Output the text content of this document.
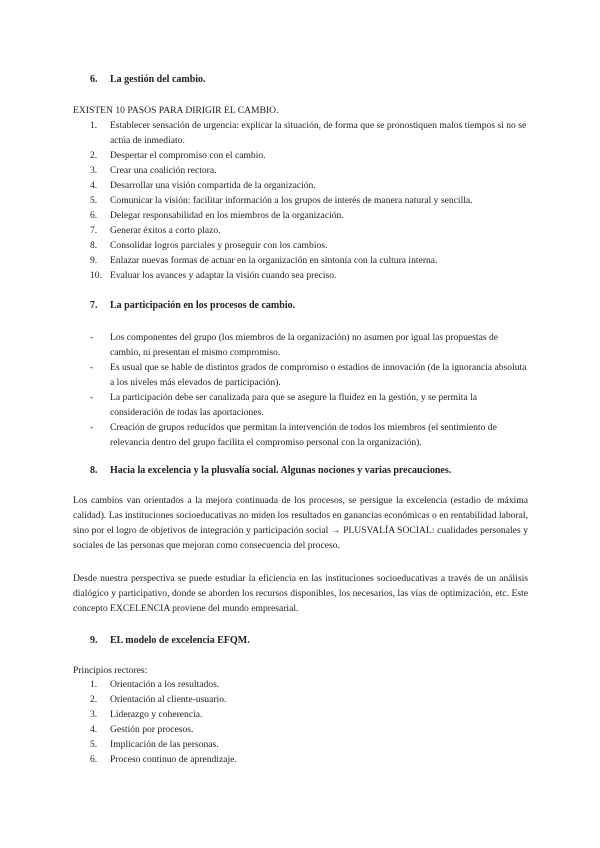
6. La gestión del cambio.
EXISTEN 10 PASOS PARA DIRIGIR EL CAMBIO.
1. Establecer sensación de urgencia: explicar la situación, de forma que se pronostiquen malos tiempos si no se actúa de inmediato.
2. Despertar el compromiso con el cambio.
3. Crear una coalición rectora.
4. Desarrollar una visión compartida de la organización.
5. Comunicar la visión: facilitar información a los grupos de interés de manera natural y sencilla.
6. Delegar responsabilidad en los miembros de la organización.
7. Generar éxitos a corto plazo.
8. Consolidar logros parciales y proseguir con los cambios.
9. Enlazar nuevas formas de actuar en la organización en sintonía con la cultura interna.
10. Evaluar los avances y adaptar la visión cuando sea preciso.
7. La participación en los procesos de cambio.
- Los componentes del grupo (los miembros de la organización) no asumen por igual las propuestas de cambio, ni presentan el mismo compromiso.
- Es usual que se hable de distintos grados de compromiso o estadios de innovación (de la ignorancia absoluta a los niveles más elevados de participación).
- La participación debe ser canalizada para que se asegure la fluidez en la gestión, y se permita la consideración de todas las aportaciones.
- Creación de grupos reducidos que permitan la intervención de todos los miembros (el sentimiento de relevancia dentro del grupo facilita el compromiso personal con la organización).
8. Hacia la excelencia y la plusvalía social. Algunas nociones y varias precauciones.

Los cambios van orientados a la mejora continuada de los procesos, se persigue la excelencia (estadio de máxima calidad). Las instituciones socioeducativas no miden los resultados en ganancias económicas o en rentabilidad laboral, sino por el logro de objetivos de integración y participación social → PLUSVALÍA SOCIAL: cualidades personales y sociales de las personas que mejoran como consecuencia del proceso.

Desde nuestra perspectiva se puede estudiar la eficiencia en las instituciones socioeducativas a través de un análisis dialógico y participativo, donde se aborden los recursos disponibles, los necesarios, las vías de optimización, etc. Este concepto EXCELENCIA proviene del mundo empresarial.

9. EL modelo de excelencia EFQM.
Principios rectores:
1. Orientación a los resultados.
2. Orientación al cliente-usuario.
3. Liderazgo y coherencia.
4. Gestión por procesos.
5. Implicación de las personas.
6. Proceso continuo de aprendizaje.
